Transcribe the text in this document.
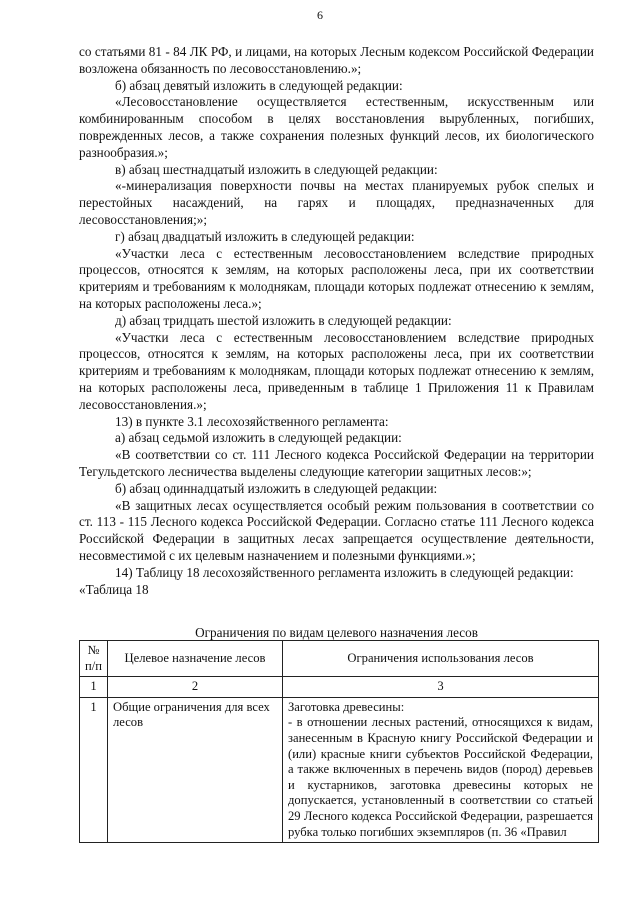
6

со статьями 81 - 84 ЛК РФ, и лицами, на которых Лесным кодексом Российской Федерации возложена обязанность по лесовосстановлению.»;

б) абзац девятый изложить в следующей редакции:

«Лесовосстановление осуществляется естественным, искусственным или комбинированным способом в целях восстановления вырубленных, погибших, поврежденных лесов, а также сохранения полезных функций лесов, их биологического разнообразия.»;

в) абзац шестнадцатый изложить в следующей редакции:

«-минерализация поверхности почвы на местах планируемых рубок спелых и перестойных насаждений, на гарях и площадях, предназначенных для лесовосстановления;»;

г) абзац двадцатый изложить в следующей редакции:

«Участки леса с естественным лесовосстановлением вследствие природных процессов, относятся к землям, на которых расположены леса, при их соответствии критериям и требованиям к молоднякам, площади которых подлежат отнесению к землям, на которых расположены леса.»;

д) абзац тридцать шестой изложить в следующей редакции:

«Участки леса с естественным лесовосстановлением вследствие природных процессов, относятся к землям, на которых расположены леса, при их соответствии критериям и требованиям к молоднякам, площади которых подлежат отнесению к землям, на которых расположены леса, приведенным в таблице 1 Приложения 11 к Правилам лесовосстановления.»;

13) в пункте 3.1 лесохозяйственного регламента:

а) абзац седьмой изложить в следующей редакции:

«В соответствии со ст. 111 Лесного кодекса Российской Федерации на территории Тегульдетского лесничества выделены следующие категории защитных лесов:»;

б) абзац одиннадцатый изложить в следующей редакции:

«В защитных лесах осуществляется особый режим пользования в соответствии со ст. 113 - 115 Лесного кодекса Российской Федерации. Согласно статье 111 Лесного кодекса Российской Федерации в защитных лесах запрещается осуществление деятельности, несовместимой с их целевым назначением и полезными функциями.»;

14) Таблицу 18 лесохозяйственного регламента изложить в следующей редакции:

«Таблица 18

Ограничения по видам целевого назначения лесов
№ п/п	Целевое назначение лесов	Ограничения использования лесов
1	2	3
1	Общие ограничения для всех лесов	Заготовка древесины:
- в отношении лесных растений, относящихся к видам, занесенным в Красную книгу Российской Федерации и (или) красные книги субъектов Российской Федерации, а также включенных в перечень видов (пород) деревьев и кустарников, заготовка древесины которых не допускается, установленный в соответствии со статьей 29 Лесного кодекса Российской Федерации, разрешается рубка только погибших экземпляров (п. 36 «Правил
